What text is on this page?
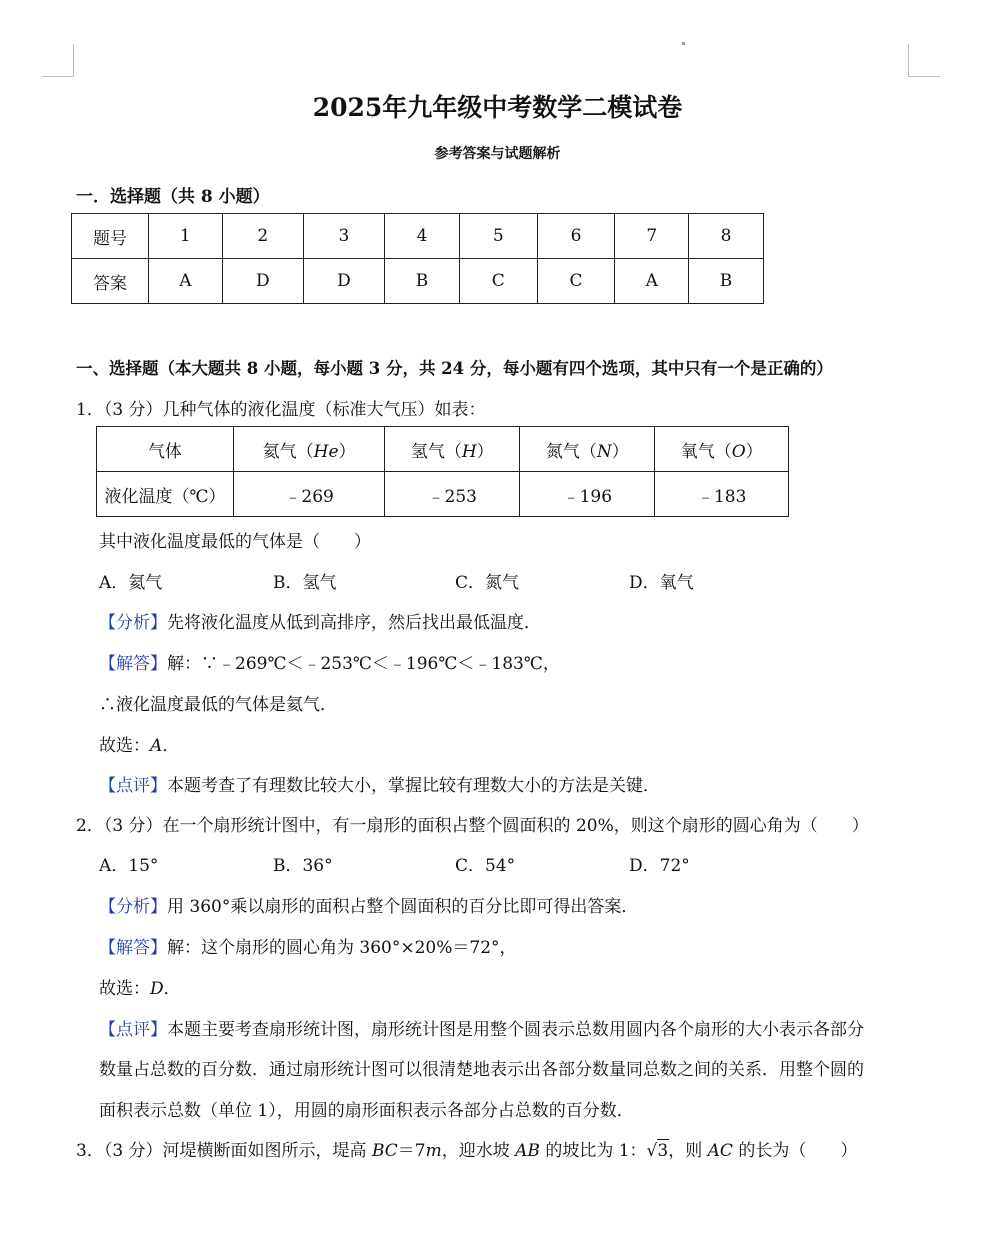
2025年九年级中考数学二模试卷
参考答案与试题解析
一．选择题（共 8 小题）
题号	1	2	3	4	5	6	7	8
答案	A	D	D	B	C	C	A	B
一、选择题（本大题共 8 小题，每小题 3 分，共 24 分，每小题有四个选项，其中只有一个是正确的）
1．（3 分）几种气体的液化温度（标准大气压）如表：
气体	氦气（He）	氢气（H）	氮气（N）	氧气（O）
液化温度（℃）	﹣269	﹣253	﹣196	﹣183
其中液化温度最低的气体是（　　）
A．氦气	B．氢气	C．氮气	D．氧气
【分析】先将液化温度从低到高排序，然后找出最低温度．
【解答】解：∵﹣269℃＜﹣253℃＜﹣196℃＜﹣183℃，
∴液化温度最低的气体是氦气．
故选：A．
【点评】本题考查了有理数比较大小，掌握比较有理数大小的方法是关键．
2．（3 分）在一个扇形统计图中，有一扇形的面积占整个圆面积的 20%，则这个扇形的圆心角为（　　）
A．15°	B．36°	C．54°	D．72°
【分析】用 360°乘以扇形的面积占整个圆面积的百分比即可得出答案．
【解答】解：这个扇形的圆心角为 360°×20%＝72°，
故选：D．
【点评】本题主要考查扇形统计图，扇形统计图是用整个圆表示总数用圆内各个扇形的大小表示各部分
数量占总数的百分数．通过扇形统计图可以很清楚地表示出各部分数量同总数之间的关系．用整个圆的
面积表示总数（单位 1），用圆的扇形面积表示各部分占总数的百分数．
3．（3 分）河堤横断面如图所示，堤高 BC＝7m，迎水坡 AB 的坡比为 1：√
3，则 AC 的长为（　　）
